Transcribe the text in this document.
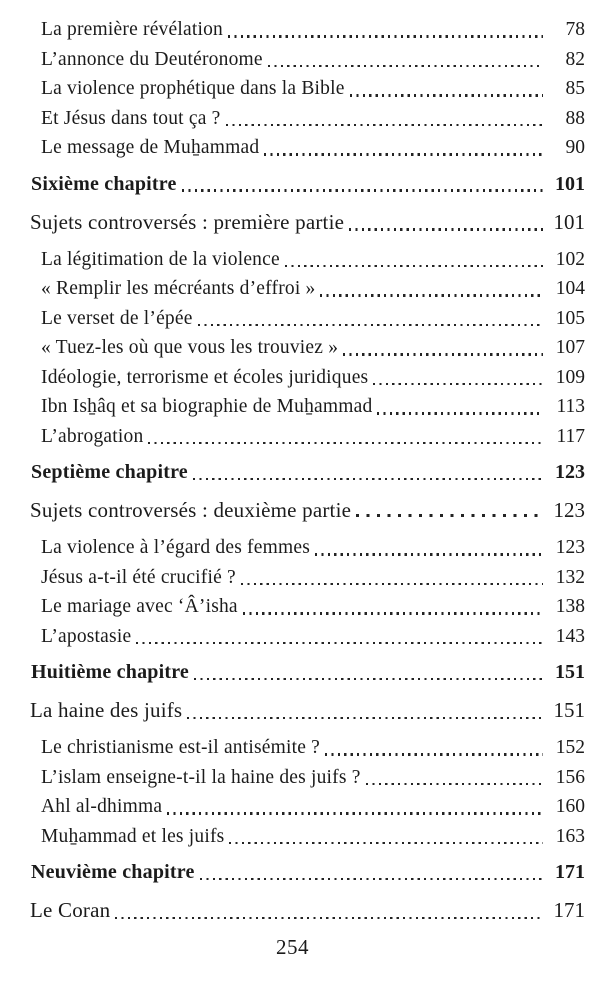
La première révélation	78
L’annonce du Deutéronome	82
La violence prophétique dans la Bible	85
Et Jésus dans tout ça ?	88
Le message de Muẖammad	90
Sixième chapitre	101
Sujets controversés : première partie	101
La légitimation de la violence	102
« Remplir les mécréants d’effroi »	104
Le verset de l’épée	105
« Tuez-les où que vous les trouviez »	107
Idéologie, terrorisme et écoles juridiques	109
Ibn Isẖâq et sa biographie de Muẖammad	113
L’abrogation	117
Septième chapitre	123
Sujets controversés : deuxième partie	123
La violence à l’égard des femmes	123
Jésus a-t-il été crucifié ?	132
Le mariage avec ‘Â’isha	138
L’apostasie	143
Huitième chapitre	151
La haine des juifs	151
Le christianisme est-il antisémite ?	152
L’islam enseigne-t-il la haine des juifs ?	156
Ahl al-dhimma	160
Muẖammad et les juifs	163
Neuvième chapitre	171
Le Coran	171
254
